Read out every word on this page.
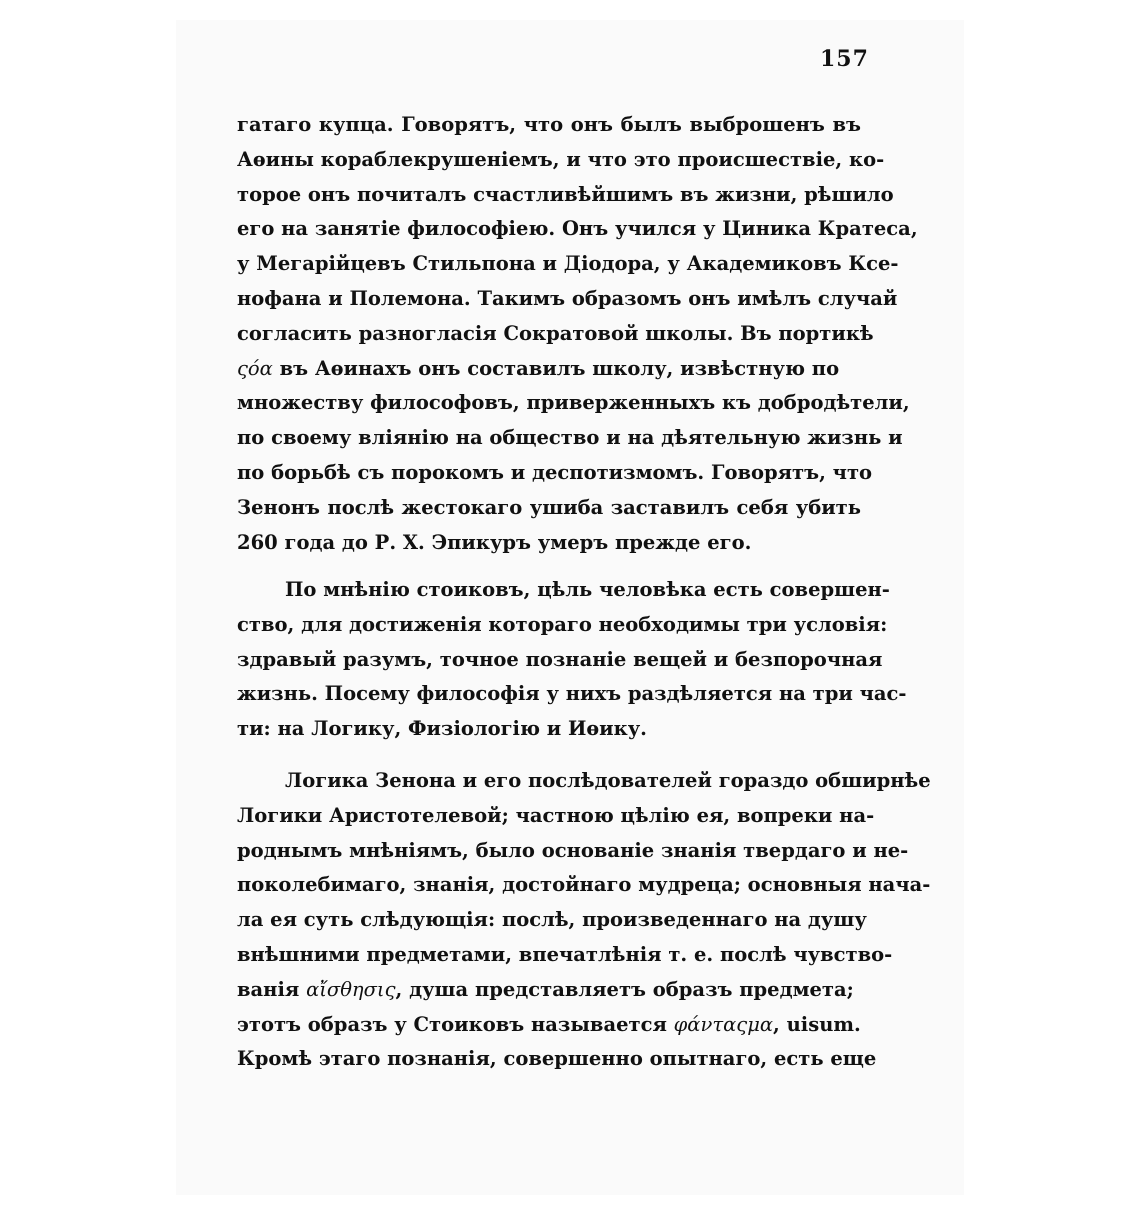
157
гатаго купца. Говорятъ, что онъ былъ выброшенъ въ
Аѳины кораблекрушеніемъ, и что это происшествіе, ко-
торое онъ почиталъ счастливѣйшимъ въ жизни, рѣшило
его на занятіе философіею. Онъ учился у Циника Кратеса,
у Мегарійцевъ Стильпона и Діодора, у Академиковъ Ксе-
нофана и Полемона. Такимъ образомъ онъ имѣлъ случай
согласить разногласія Сократовой школы. Въ портикѣ
ςόα въ Аѳинахъ онъ составилъ школу, извѣстную по
множеству философовъ, приверженныхъ къ добродѣтели,
по своему вліянію на общество и на дѣятельную жизнь и
по борьбѣ съ порокомъ и деспотизмомъ. Говорятъ, что
Зенонъ послѣ жестокаго ушиба заставилъ себя убить
260 года до Р. Х. Эпикуръ умеръ прежде его.
По мнѣнію стоиковъ, цѣль человѣка есть совершен-
ство, для достиженія котораго необходимы три условія:
здравый разумъ, точное познаніе вещей и безпорочная
жизнь. Посему философія у нихъ раздѣляется на три час-
ти: на Логику, Физіологію и Иѳику.
Логика Зенона и его послѣдователей гораздо обширнѣе
Логики Аристотелевой; частною цѣлію ея, вопреки на-
роднымъ мнѣніямъ, было основаніе знанія твердаго и не-
поколебимаго, знанія, достойнаго мудреца; основныя нача-
ла ея суть слѣдующія: послѣ, произведеннаго на душу
внѣшними предметами, впечатлѣнія т. е. послѣ чувство-
ванія αἴσθησις, душа представляетъ образъ предмета;
этотъ образъ у Стоиковъ называется φάνταςμα, uisum.
Кромѣ этаго познанія, совершенно опытнаго, есть еще
